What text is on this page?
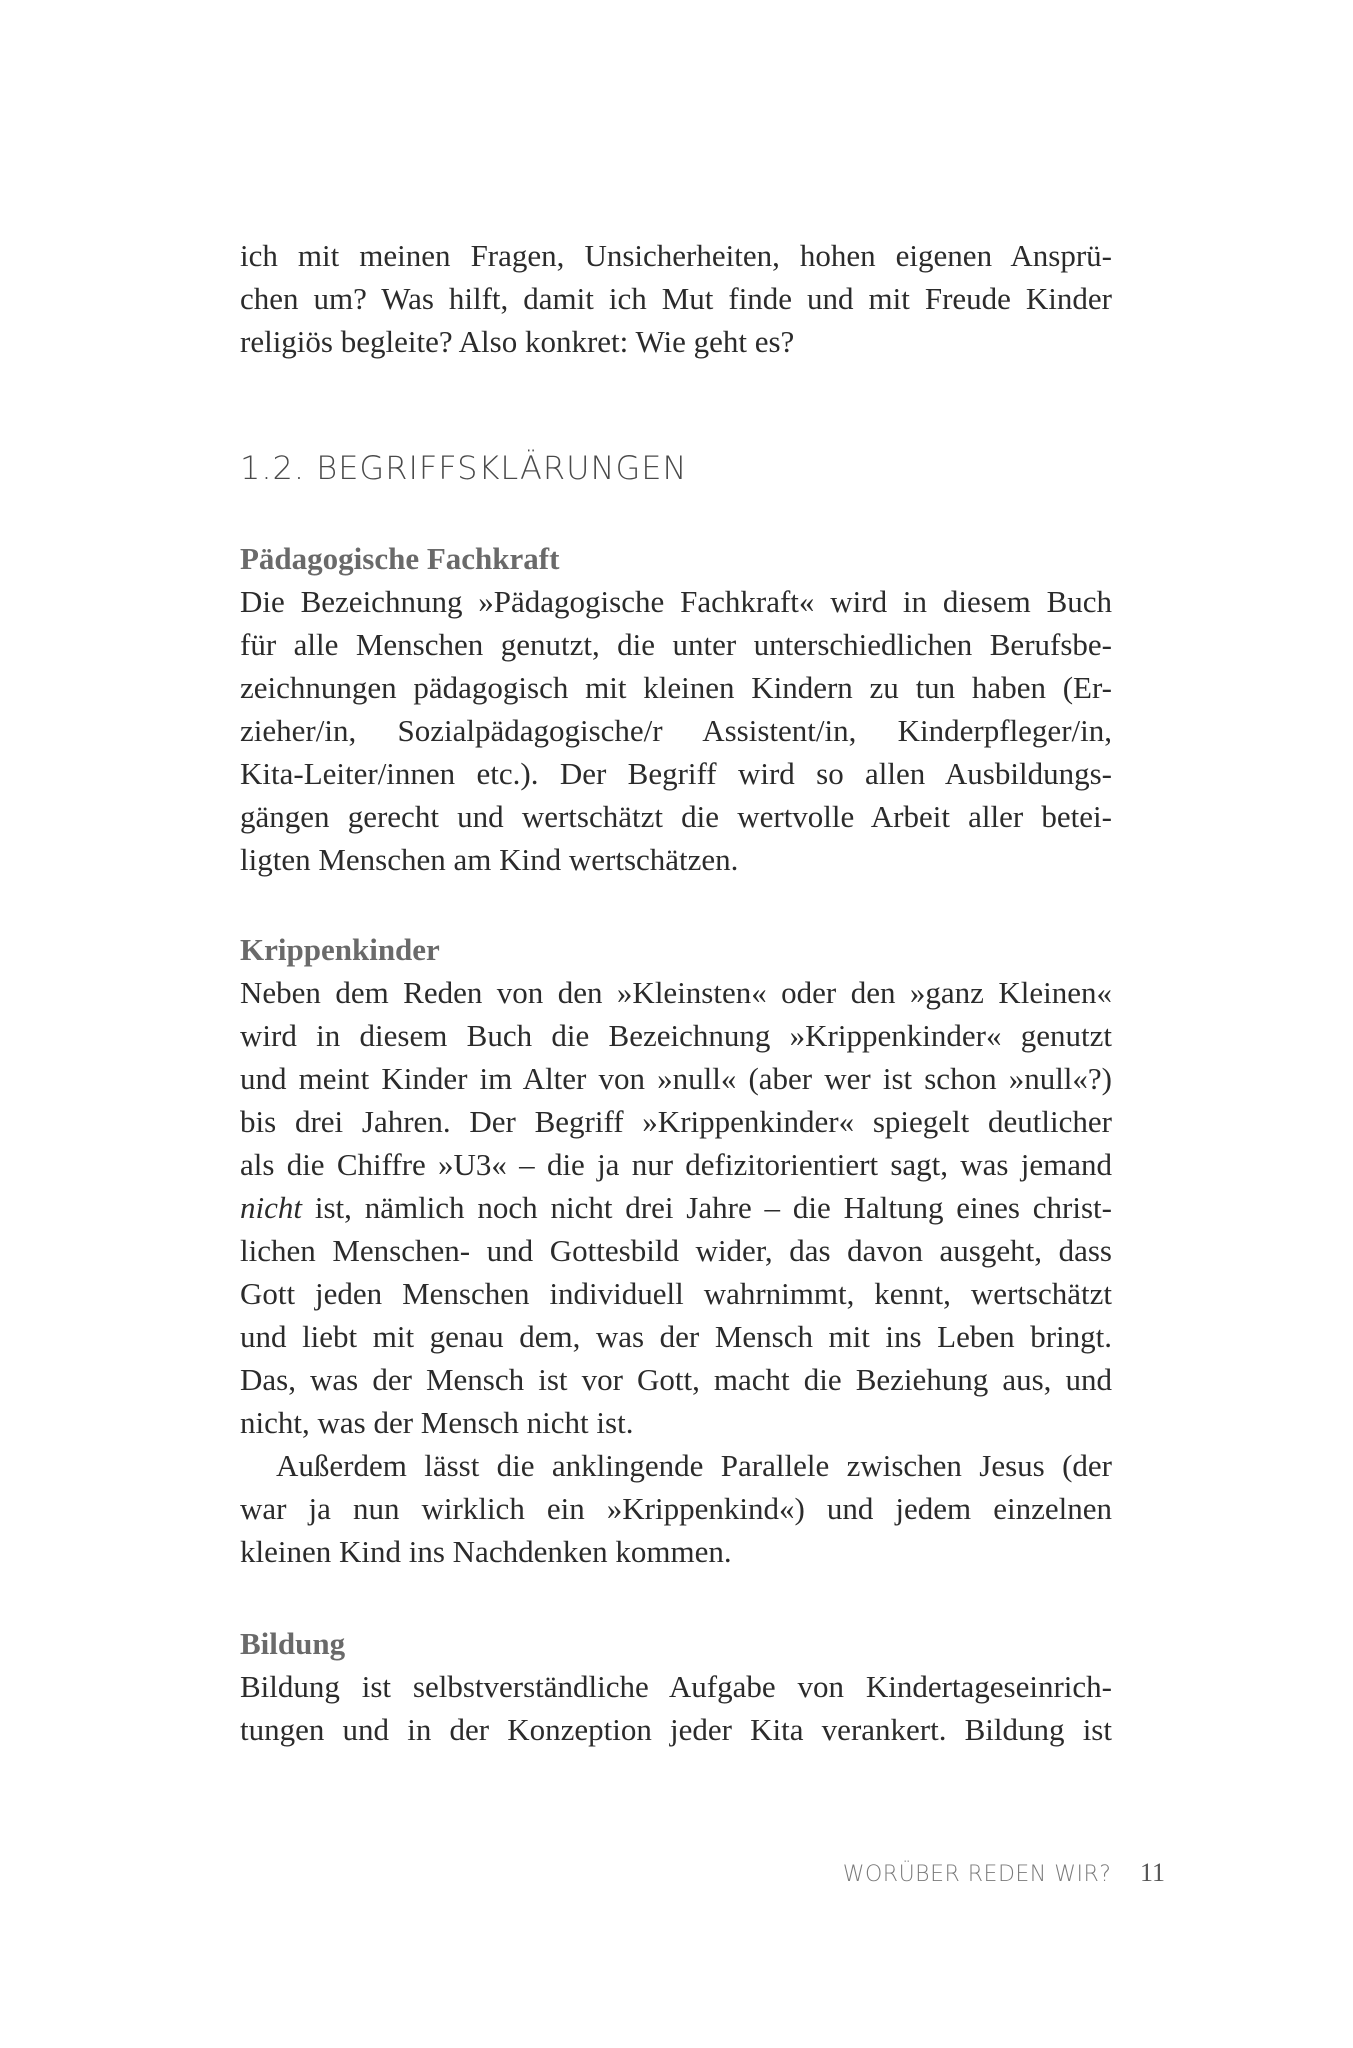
ich mit meinen Fragen, Unsicherheiten, hohen eigenen Ansprü-
chen um? Was hilft, damit ich Mut finde und mit Freude Kinder
religiös begleite? Also konkret: Wie geht es?
1.2. BEGRIFFSKLÄRUNGEN
Pädagogische Fachkraft
Die Bezeichnung »Pädagogische Fachkraft« wird in diesem Buch
für alle Menschen genutzt, die unter unterschiedlichen Berufsbe-
zeichnungen pädagogisch mit kleinen Kindern zu tun haben (Er-
zieher/in, Sozialpädagogische/r Assistent/in, Kinderpfleger/in,
Kita-Leiter/innen etc.). Der Begriff wird so allen Ausbildungs-
gängen gerecht und wertschätzt die wertvolle Arbeit aller betei-
ligten Menschen am Kind wertschätzen.
Krippenkinder
Neben dem Reden von den »Kleinsten« oder den »ganz Kleinen«
wird in diesem Buch die Bezeichnung »Krippenkinder« genutzt
und meint Kinder im Alter von »null« (aber wer ist schon »null«?)
bis drei Jahren. Der Begriff »Krippenkinder« spiegelt deutlicher
als die Chiffre »U3« – die ja nur defizitorientiert sagt, was jemand
nicht ist, nämlich noch nicht drei Jahre – die Haltung eines christ-
lichen Menschen- und Gottesbild wider, das davon ausgeht, dass
Gott jeden Menschen individuell wahrnimmt, kennt, wertschätzt
und liebt mit genau dem, was der Mensch mit ins Leben bringt.
Das, was der Mensch ist vor Gott, macht die Beziehung aus, und
nicht, was der Mensch nicht ist.
Außerdem lässt die anklingende Parallele zwischen Jesus (der
war ja nun wirklich ein »Krippenkind«) und jedem einzelnen
kleinen Kind ins Nachdenken kommen.
Bildung
Bildung ist selbstverständliche Aufgabe von Kindertageseinrich-
tungen und in der Konzeption jeder Kita verankert. Bildung ist
WORÜBER REDEN WIR? 11
